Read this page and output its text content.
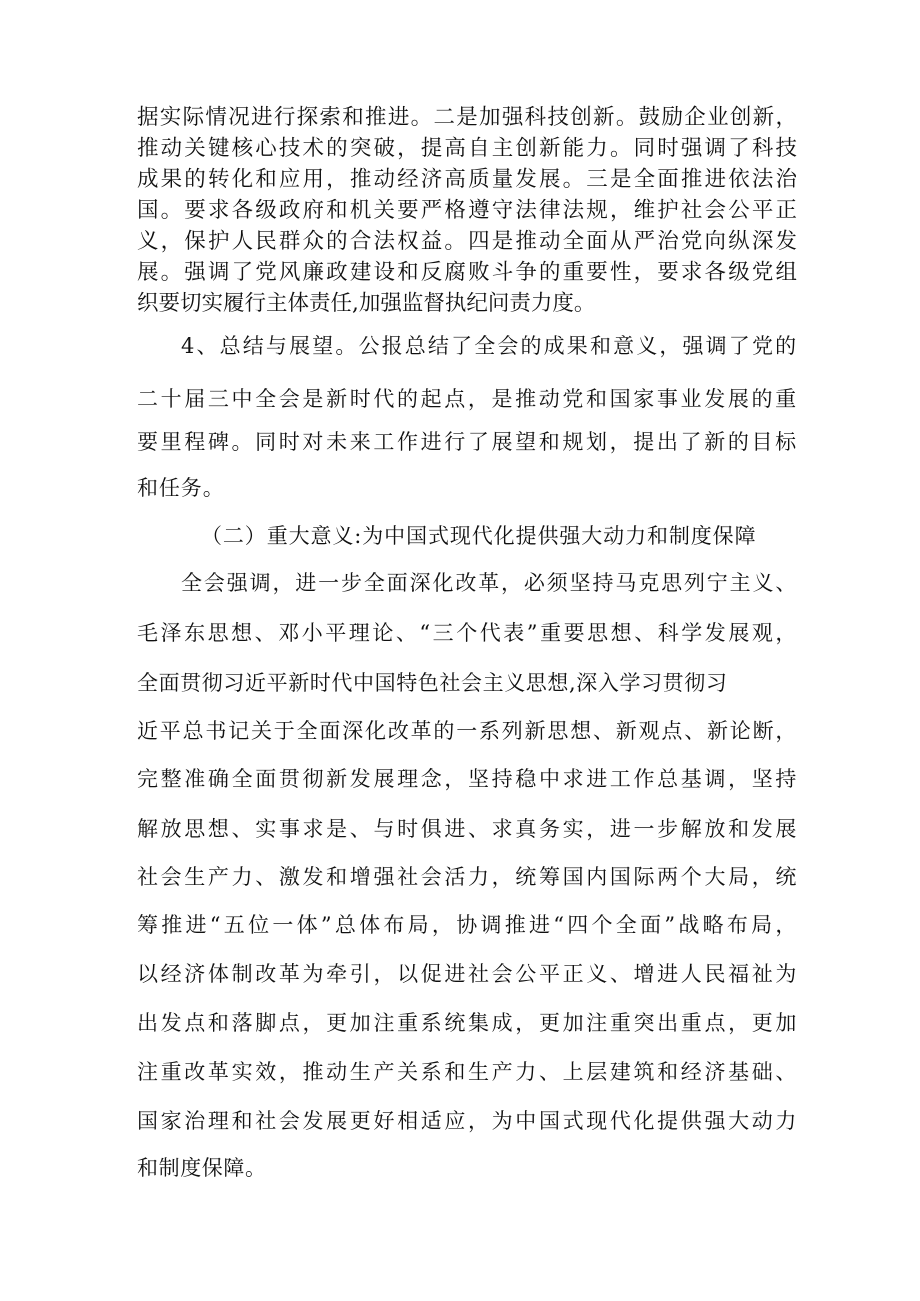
据实际情况进行探索和推进。二是加强科技创新。鼓励企业创新，
推动关键核心技术的突破，提高自主创新能力。同时强调了科技
成果的转化和应用，推动经济高质量发展。三是全面推进依法治
国。要求各级政府和机关要严格遵守法律法规，维护社会公平正
义，保护人民群众的合法权益。四是推动全面从严治党向纵深发
展。强调了党风廉政建设和反腐败斗争的重要性，要求各级党组
织要切实履行主体责任,加强监督执纪问责力度。
4、总结与展望。公报总结了全会的成果和意义，强调了党的
二十届三中全会是新时代的起点，是推动党和国家事业发展的重
要里程碑。同时对未来工作进行了展望和规划，提出了新的目标
和任务。
（二）重大意义:为中国式现代化提供强大动力和制度保障
全会强调，进一步全面深化改革，必须坚持马克思列宁主义、
毛泽东思想、邓小平理论、“三个代表”重要思想、科学发展观，
全面贯彻习近平新时代中国特色社会主义思想,深入学习贯彻习
近平总书记关于全面深化改革的一系列新思想、新观点、新论断，
完整准确全面贯彻新发展理念，坚持稳中求进工作总基调，坚持
解放思想、实事求是、与时俱进、求真务实，进一步解放和发展
社会生产力、激发和增强社会活力，统筹国内国际两个大局，统
筹推进“五位一体”总体布局，协调推进“四个全面”战略布局，
以经济体制改革为牵引，以促进社会公平正义、增进人民福祉为
出发点和落脚点，更加注重系统集成，更加注重突出重点，更加
注重改革实效，推动生产关系和生产力、上层建筑和经济基础、
国家治理和社会发展更好相适应，为中国式现代化提供强大动力
和制度保障。
